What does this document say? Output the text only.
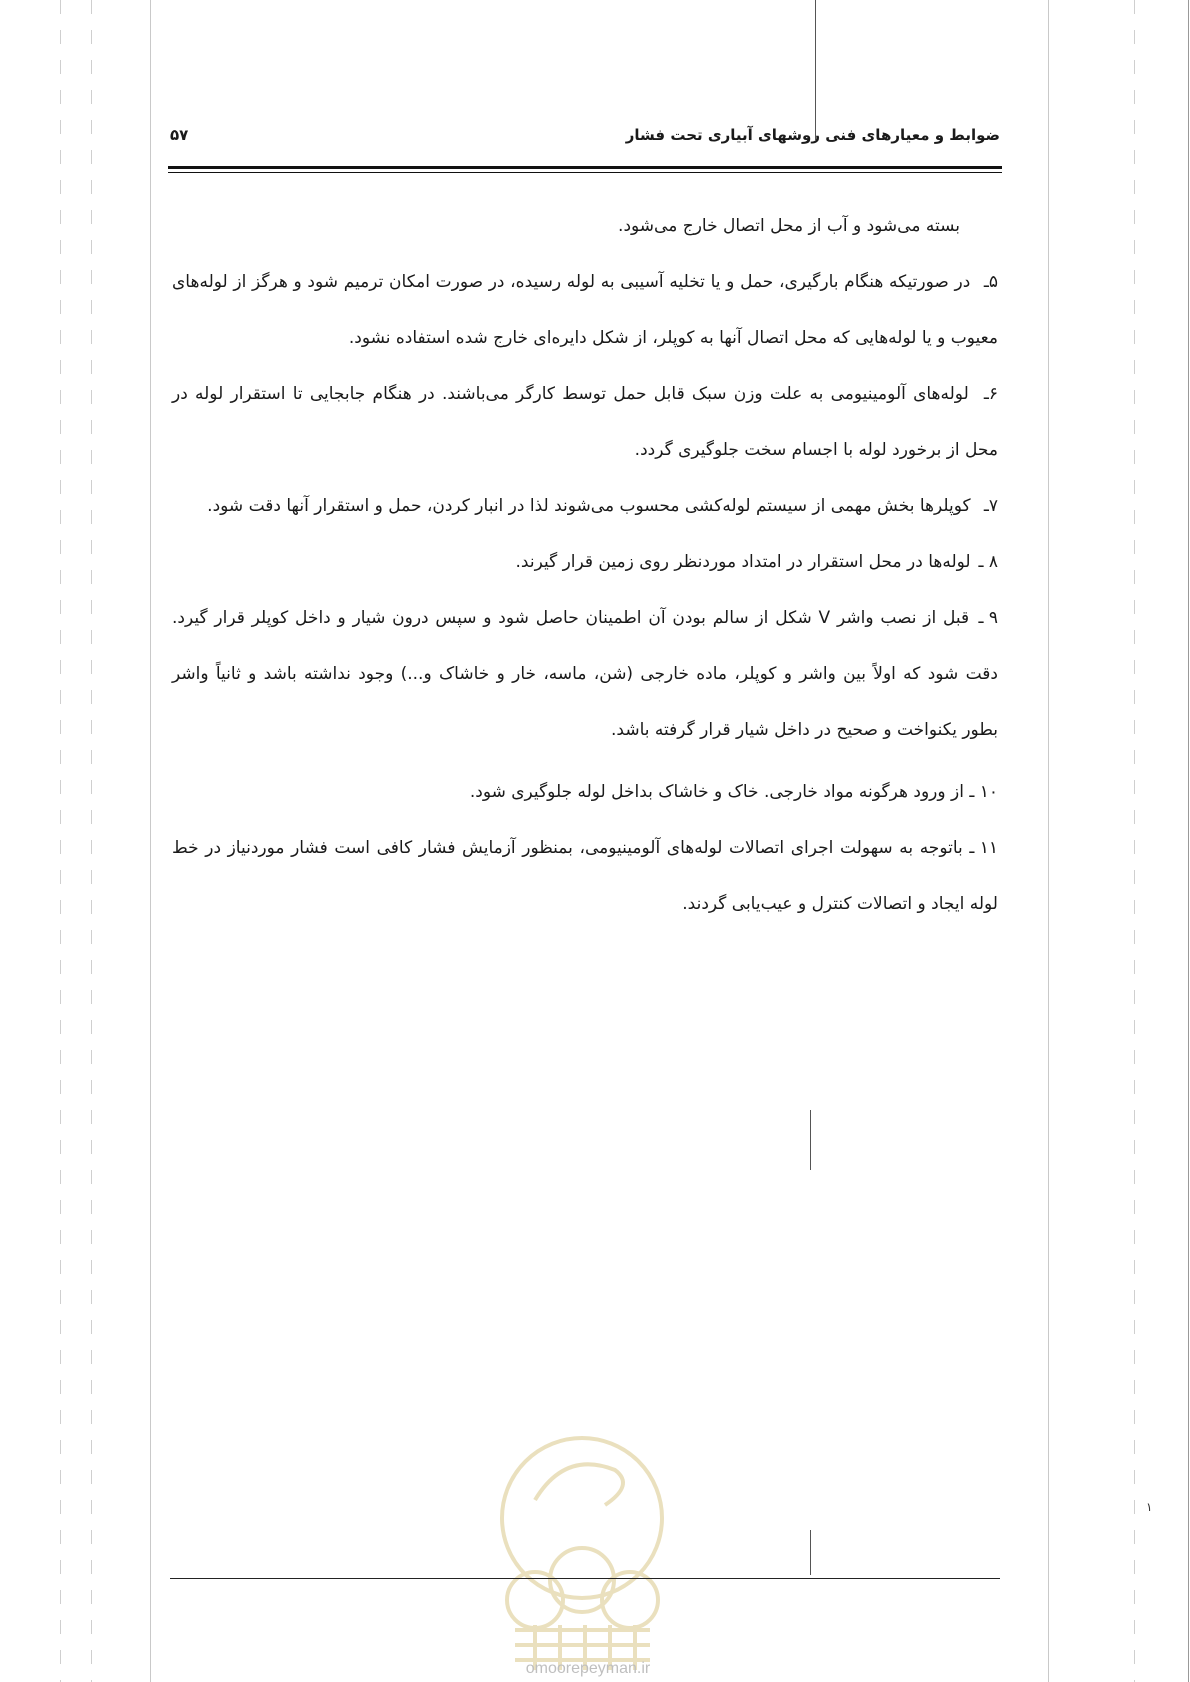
ضوابط و معیارهای فنی روشهای آبیاری تحت فشار
۵۷

بسته می‌شود و آب از محل اتصال خارج می‌شود.

۵ـ در صورتیکه هنگام بارگیری، حمل و یا تخلیه آسیبی به لوله رسیده، در صورت امکان ترمیم شود و هرگز از لوله‌های معیوب و یا لوله‌هایی که محل اتصال آنها به کوپلر، از شکل دایره‌ای خارج شده استفاده نشود.

۶ـ لوله‌های آلومینیومی به علت وزن سبک قابل حمل توسط کارگر می‌باشند. در هنگام جابجایی تا استقرار لوله در محل از برخورد لوله با اجسام سخت جلوگیری گردد.

۷ـ کوپلرها بخش مهمی از سیستم لوله‌کشی محسوب می‌شوند لذا در انبار کردن، حمل و استقرار آنها دقت شود.

۸ ـ لوله‌ها در محل استقرار در امتداد موردنظر روی زمین قرار گیرند.

۹ ـ قبل از نصب واشر V شکل از سالم بودن آن اطمینان حاصل شود و سپس درون شیار و داخل کوپلر قرار گیرد. دقت شود که اولاً بین واشر و کوپلر، ماده خارجی (شن، ماسه، خار و خاشاک و...) وجود نداشته باشد و ثانیاً واشر بطور یکنواخت و صحیح در داخل شیار قرار گرفته باشد.

۱۰ ـ از ورود هرگونه مواد خارجی. خاک و خاشاک بداخل لوله جلوگیری شود.

۱۱ ـ باتوجه به سهولت اجرای اتصالات لوله‌های آلومینیومی، بمنظور آزمایش فشار کافی است فشار موردنیاز در خط لوله ایجاد و اتصالات کنترل و عیب‌یابی گردند.

omoorepeyman.ir
۱
